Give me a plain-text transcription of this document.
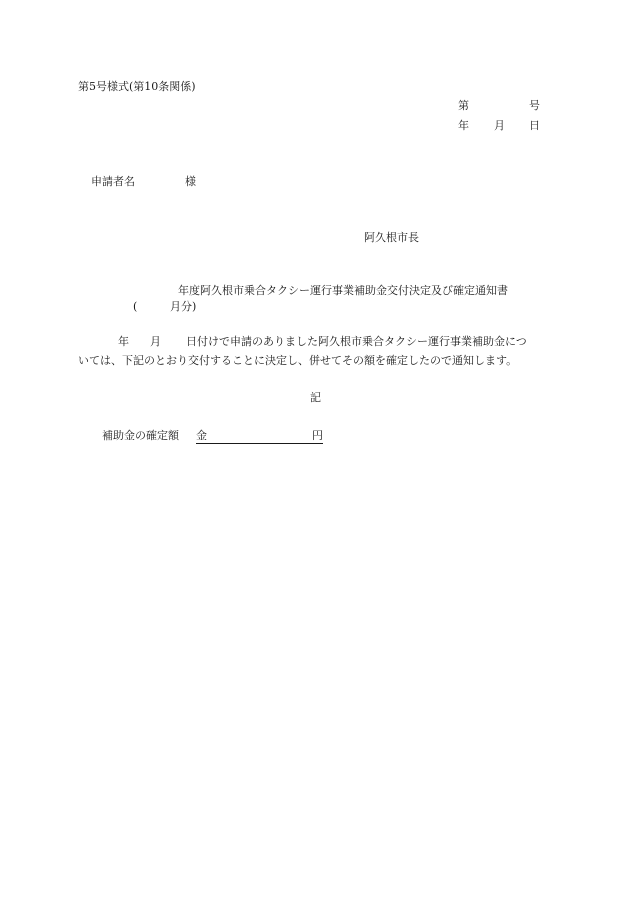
第5号様式(第10条関係)
第	号
年 月 日
申請者名	様
阿久根市長
年度阿久根市乗合タクシー運行事業補助金交付決定及び確定通知書
(	月分)
年 月 日付けで申請のありました阿久根市乗合タクシー運行事業補助金につ
いては、下記のとおり交付することに決定し、併せてその額を確定したので通知します。
記
補助金の確定額 金	円
